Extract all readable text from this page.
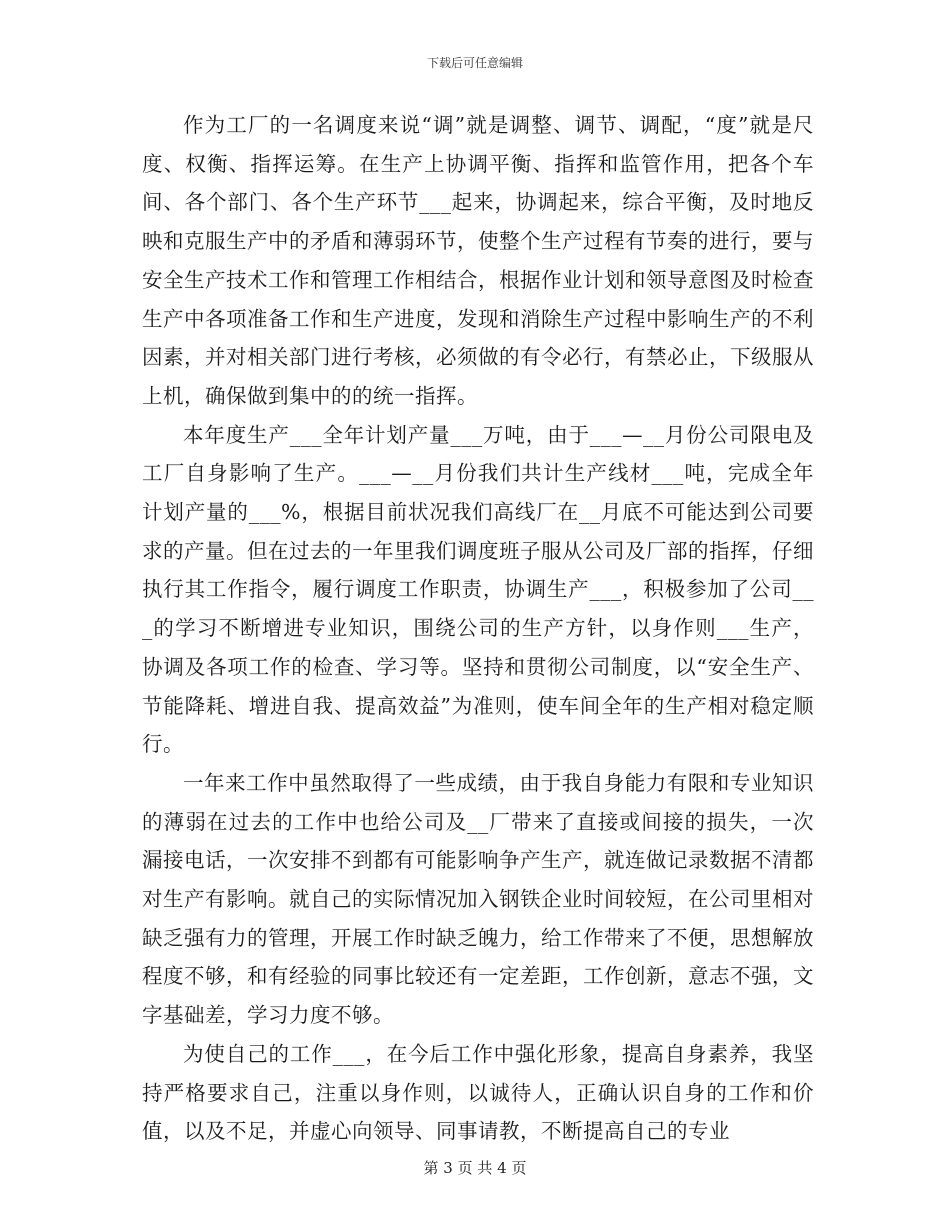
下载后可任意编辑

作为工厂的一名调度来说“调”就是调整、调节、调配，“度”就是尺度、权衡、指挥运筹。在生产上协调平衡、指挥和监管作用，把各个车间、各个部门、各个生产环节___起来，协调起来，综合平衡，及时地反映和克服生产中的矛盾和薄弱环节，使整个生产过程有节奏的进行，要与安全生产技术工作和管理工作相结合，根据作业计划和领导意图及时检查生产中各项准备工作和生产进度，发现和消除生产过程中影响生产的不利因素，并对相关部门进行考核，必须做的有令必行，有禁必止，下级服从上机，确保做到集中的的统一指挥。

本年度生产___全年计划产量___万吨，由于___—__月份公司限电及工厂自身影响了生产。___—__月份我们共计生产线材___吨，完成全年计划产量的___%，根据目前状况我们高线厂在__月底不可能达到公司要求的产量。但在过去的一年里我们调度班子服从公司及厂部的指挥，仔细执行其工作指令，履行调度工作职责，协调生产___，积极参加了公司___的学习不断增进专业知识，围绕公司的生产方针，以身作则___生产，协调及各项工作的检查、学习等。坚持和贯彻公司制度，以“安全生产、节能降耗、增进自我、提高效益”为准则，使车间全年的生产相对稳定顺行。

一年来工作中虽然取得了一些成绩，由于我自身能力有限和专业知识的薄弱在过去的工作中也给公司及__厂带来了直接或间接的损失，一次漏接电话，一次安排不到都有可能影响争产生产，就连做记录数据不清都对生产有影响。就自己的实际情况加入钢铁企业时间较短，在公司里相对缺乏强有力的管理，开展工作时缺乏魄力，给工作带来了不便，思想解放程度不够，和有经验的同事比较还有一定差距，工作创新，意志不强，文字基础差，学习力度不够。

为使自己的工作___，在今后工作中强化形象，提高自身素养，我坚持严格要求自己，注重以身作则，以诚待人，正确认识自身的工作和价值，以及不足，并虚心向领导、同事请教，不断提高自己的专业

第 3 页 共 4 页
